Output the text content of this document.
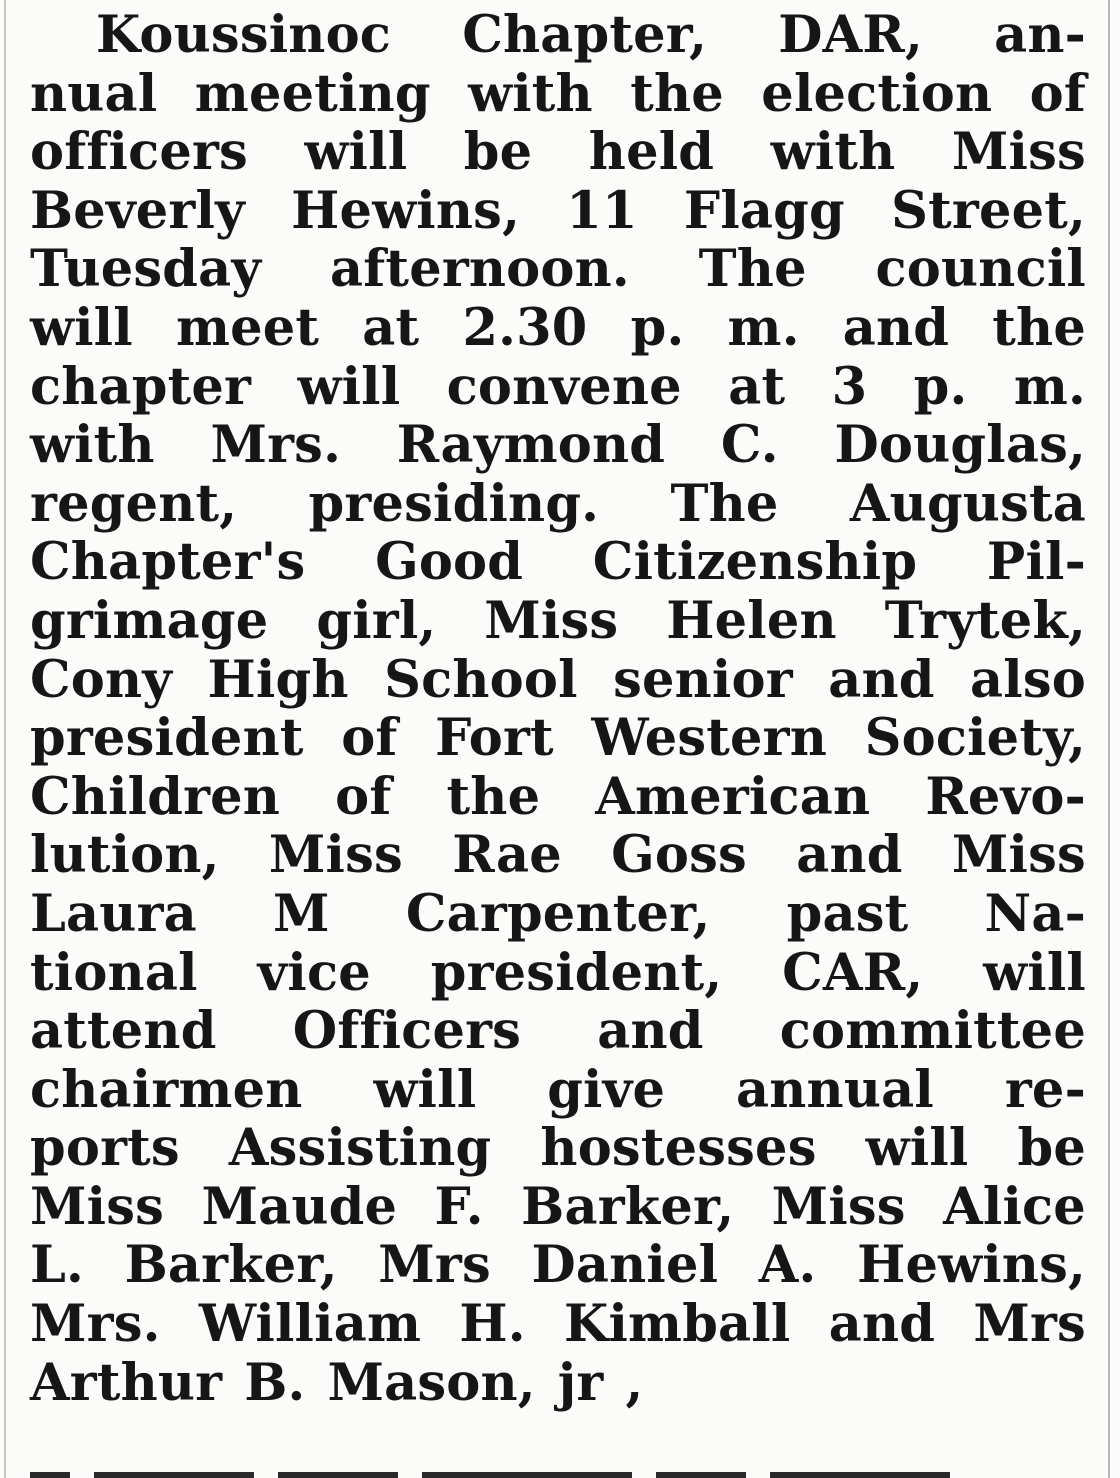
Koussinoc Chapter, DAR, an-
nual meeting with the election of
officers will be held with Miss
Beverly Hewins, 11 Flagg Street,
Tuesday afternoon. The council
will meet at 2.30 p. m. and the
chapter will convene at 3 p. m.
with Mrs. Raymond C. Douglas,
regent, presiding. The Augusta
Chapter's Good Citizenship Pil-
grimage girl, Miss Helen Trytek,
Cony High School senior and also
president of Fort Western Society,
Children of the American Revo-
lution, Miss Rae Goss and Miss
Laura M Carpenter, past Na-
tional vice president, CAR, will
attend Officers and committee
chairmen will give annual re-
ports Assisting hostesses will be
Miss Maude F. Barker, Miss Alice
L. Barker, Mrs Daniel A. Hewins,
Mrs. William H. Kimball and Mrs
Arthur B. Mason, jr ,
